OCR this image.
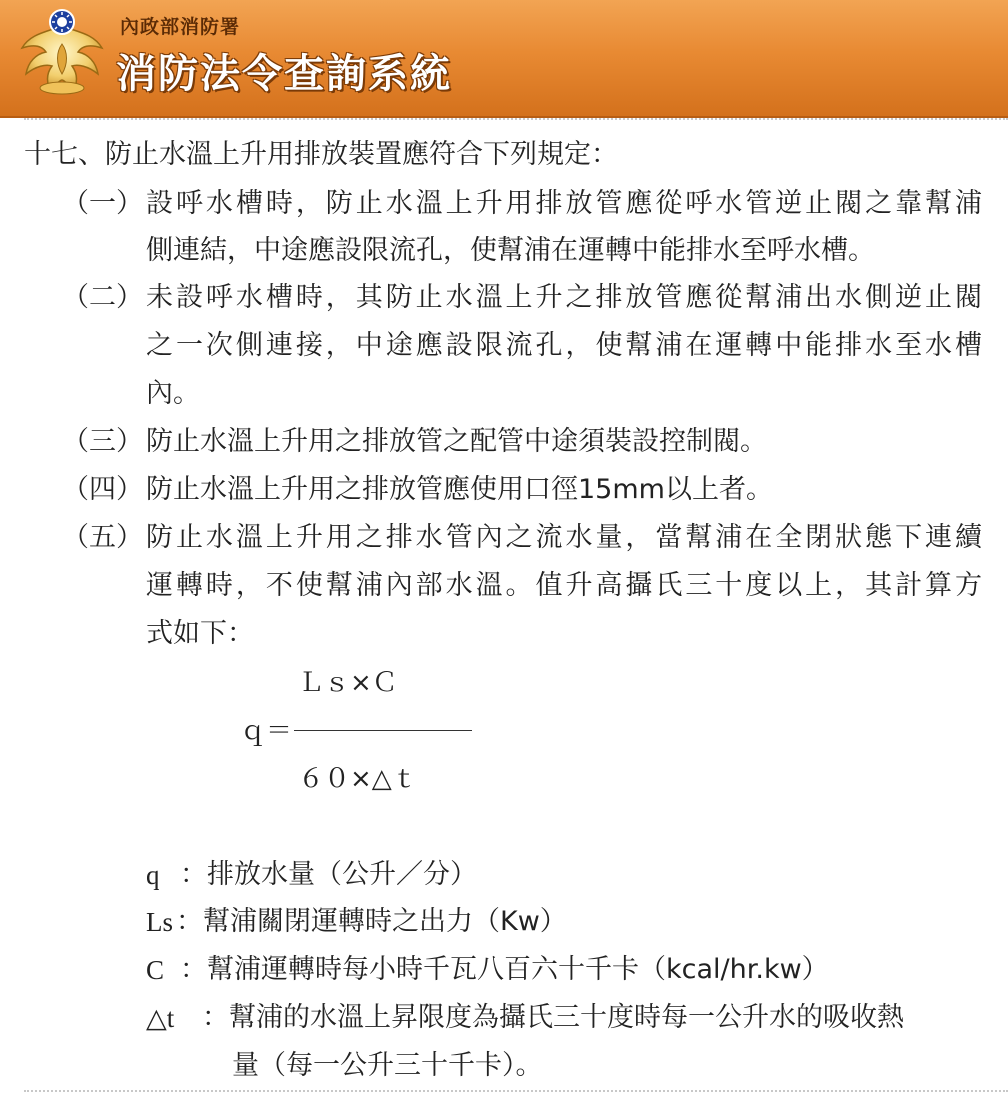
內政部消防署
消防法令查詢系統
十七、防止水溫上升用排放裝置應符合下列規定：
（一） 設呼水槽時，防止水溫上升用排放管應從呼水管逆止閥之靠幫浦
側連結，中途應設限流孔，使幫浦在運轉中能排水至呼水槽。
（二） 未設呼水槽時，其防止水溫上升之排放管應從幫浦出水側逆止閥
之一次側連接，中途應設限流孔，使幫浦在運轉中能排水至水槽
內。
（三） 防止水溫上升用之排放管之配管中途須裝設控制閥。
（四） 防止水溫上升用之排放管應使用口徑15mm以上者。
（五） 防止水溫上升用之排水管內之流水量，當幫浦在全閉狀態下連續
運轉時，不使幫浦內部水溫。值升高攝氏三十度以上，其計算方
式如下：
Ｌｓ×Ｃ
ｑ＝
６０×△ｔ
q ：排放水量（公升／分）
Ls ：幫浦關閉運轉時之出力（Kw）
C ：幫浦運轉時每小時千瓦八百六十千卡（kcal/hr.kw）
△t ：幫浦的水溫上昇限度為攝氏三十度時每一公升水的吸收熱
量（每一公升三十千卡）。
